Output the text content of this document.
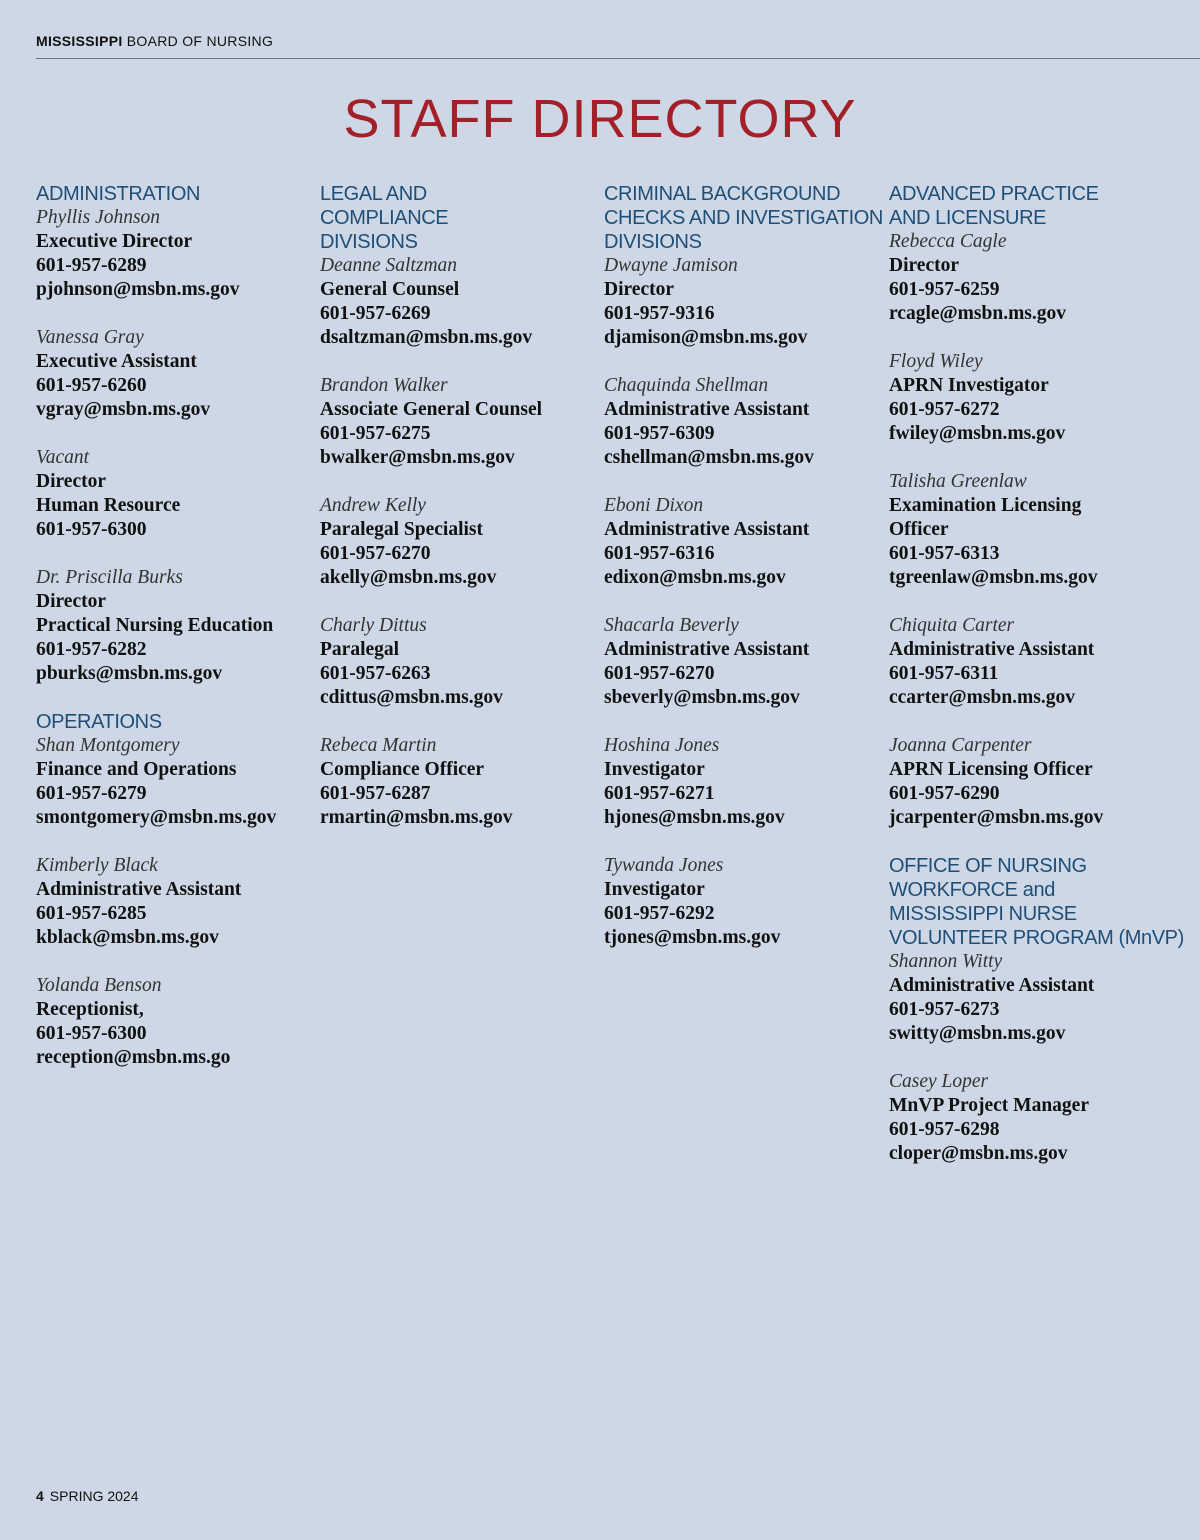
MISSISSIPPI BOARD OF NURSING
STAFF DIRECTORY
ADMINISTRATION
Phyllis Johnson
Executive Director
601-957-6289
pjohnson@msbn.ms.gov
Vanessa Gray
Executive Assistant
601-957-6260
vgray@msbn.ms.gov
Vacant
Director
Human Resource
601-957-6300
Dr. Priscilla Burks
Director
Practical Nursing Education
601-957-6282
pburks@msbn.ms.gov
OPERATIONS
Shan Montgomery
Finance and Operations
601-957-6279
smontgomery@msbn.ms.gov
Kimberly Black
Administrative Assistant
601-957-6285
kblack@msbn.ms.gov
Yolanda Benson
Receptionist,
601-957-6300
reception@msbn.ms.go
LEGAL AND
COMPLIANCE
DIVISIONS
Deanne Saltzman
General Counsel
601-957-6269
dsaltzman@msbn.ms.gov
Brandon Walker
Associate General Counsel
601-957-6275
bwalker@msbn.ms.gov
Andrew Kelly
Paralegal Specialist
601-957-6270
akelly@msbn.ms.gov
Charly Dittus
Paralegal
601-957-6263
cdittus@msbn.ms.gov
Rebeca Martin
Compliance Officer
601-957-6287
rmartin@msbn.ms.gov
CRIMINAL BACKGROUND
CHECKS AND INVESTIGATION
DIVISIONS
Dwayne Jamison
Director
601-957-9316
djamison@msbn.ms.gov
Chaquinda Shellman
Administrative Assistant
601-957-6309
cshellman@msbn.ms.gov
Eboni Dixon
Administrative Assistant
601-957-6316
edixon@msbn.ms.gov
Shacarla Beverly
Administrative Assistant
601-957-6270
sbeverly@msbn.ms.gov
Hoshina Jones
Investigator
601-957-6271
hjones@msbn.ms.gov
Tywanda Jones
Investigator
601-957-6292
tjones@msbn.ms.gov
ADVANCED PRACTICE
AND LICENSURE
Rebecca Cagle
Director
601-957-6259
rcagle@msbn.ms.gov
Floyd Wiley
APRN Investigator
601-957-6272
fwiley@msbn.ms.gov
Talisha Greenlaw
Examination Licensing
Officer
601-957-6313
tgreenlaw@msbn.ms.gov
Chiquita Carter
Administrative Assistant
601-957-6311
ccarter@msbn.ms.gov
Joanna Carpenter
APRN Licensing Officer
601-957-6290
jcarpenter@msbn.ms.gov
OFFICE OF NURSING
WORKFORCE and
MISSISSIPPI NURSE
VOLUNTEER PROGRAM (MnVP)
Shannon Witty
Administrative Assistant
601-957-6273
switty@msbn.ms.gov
Casey Loper
MnVP Project Manager
601-957-6298
cloper@msbn.ms.gov
4 SPRING 2024
